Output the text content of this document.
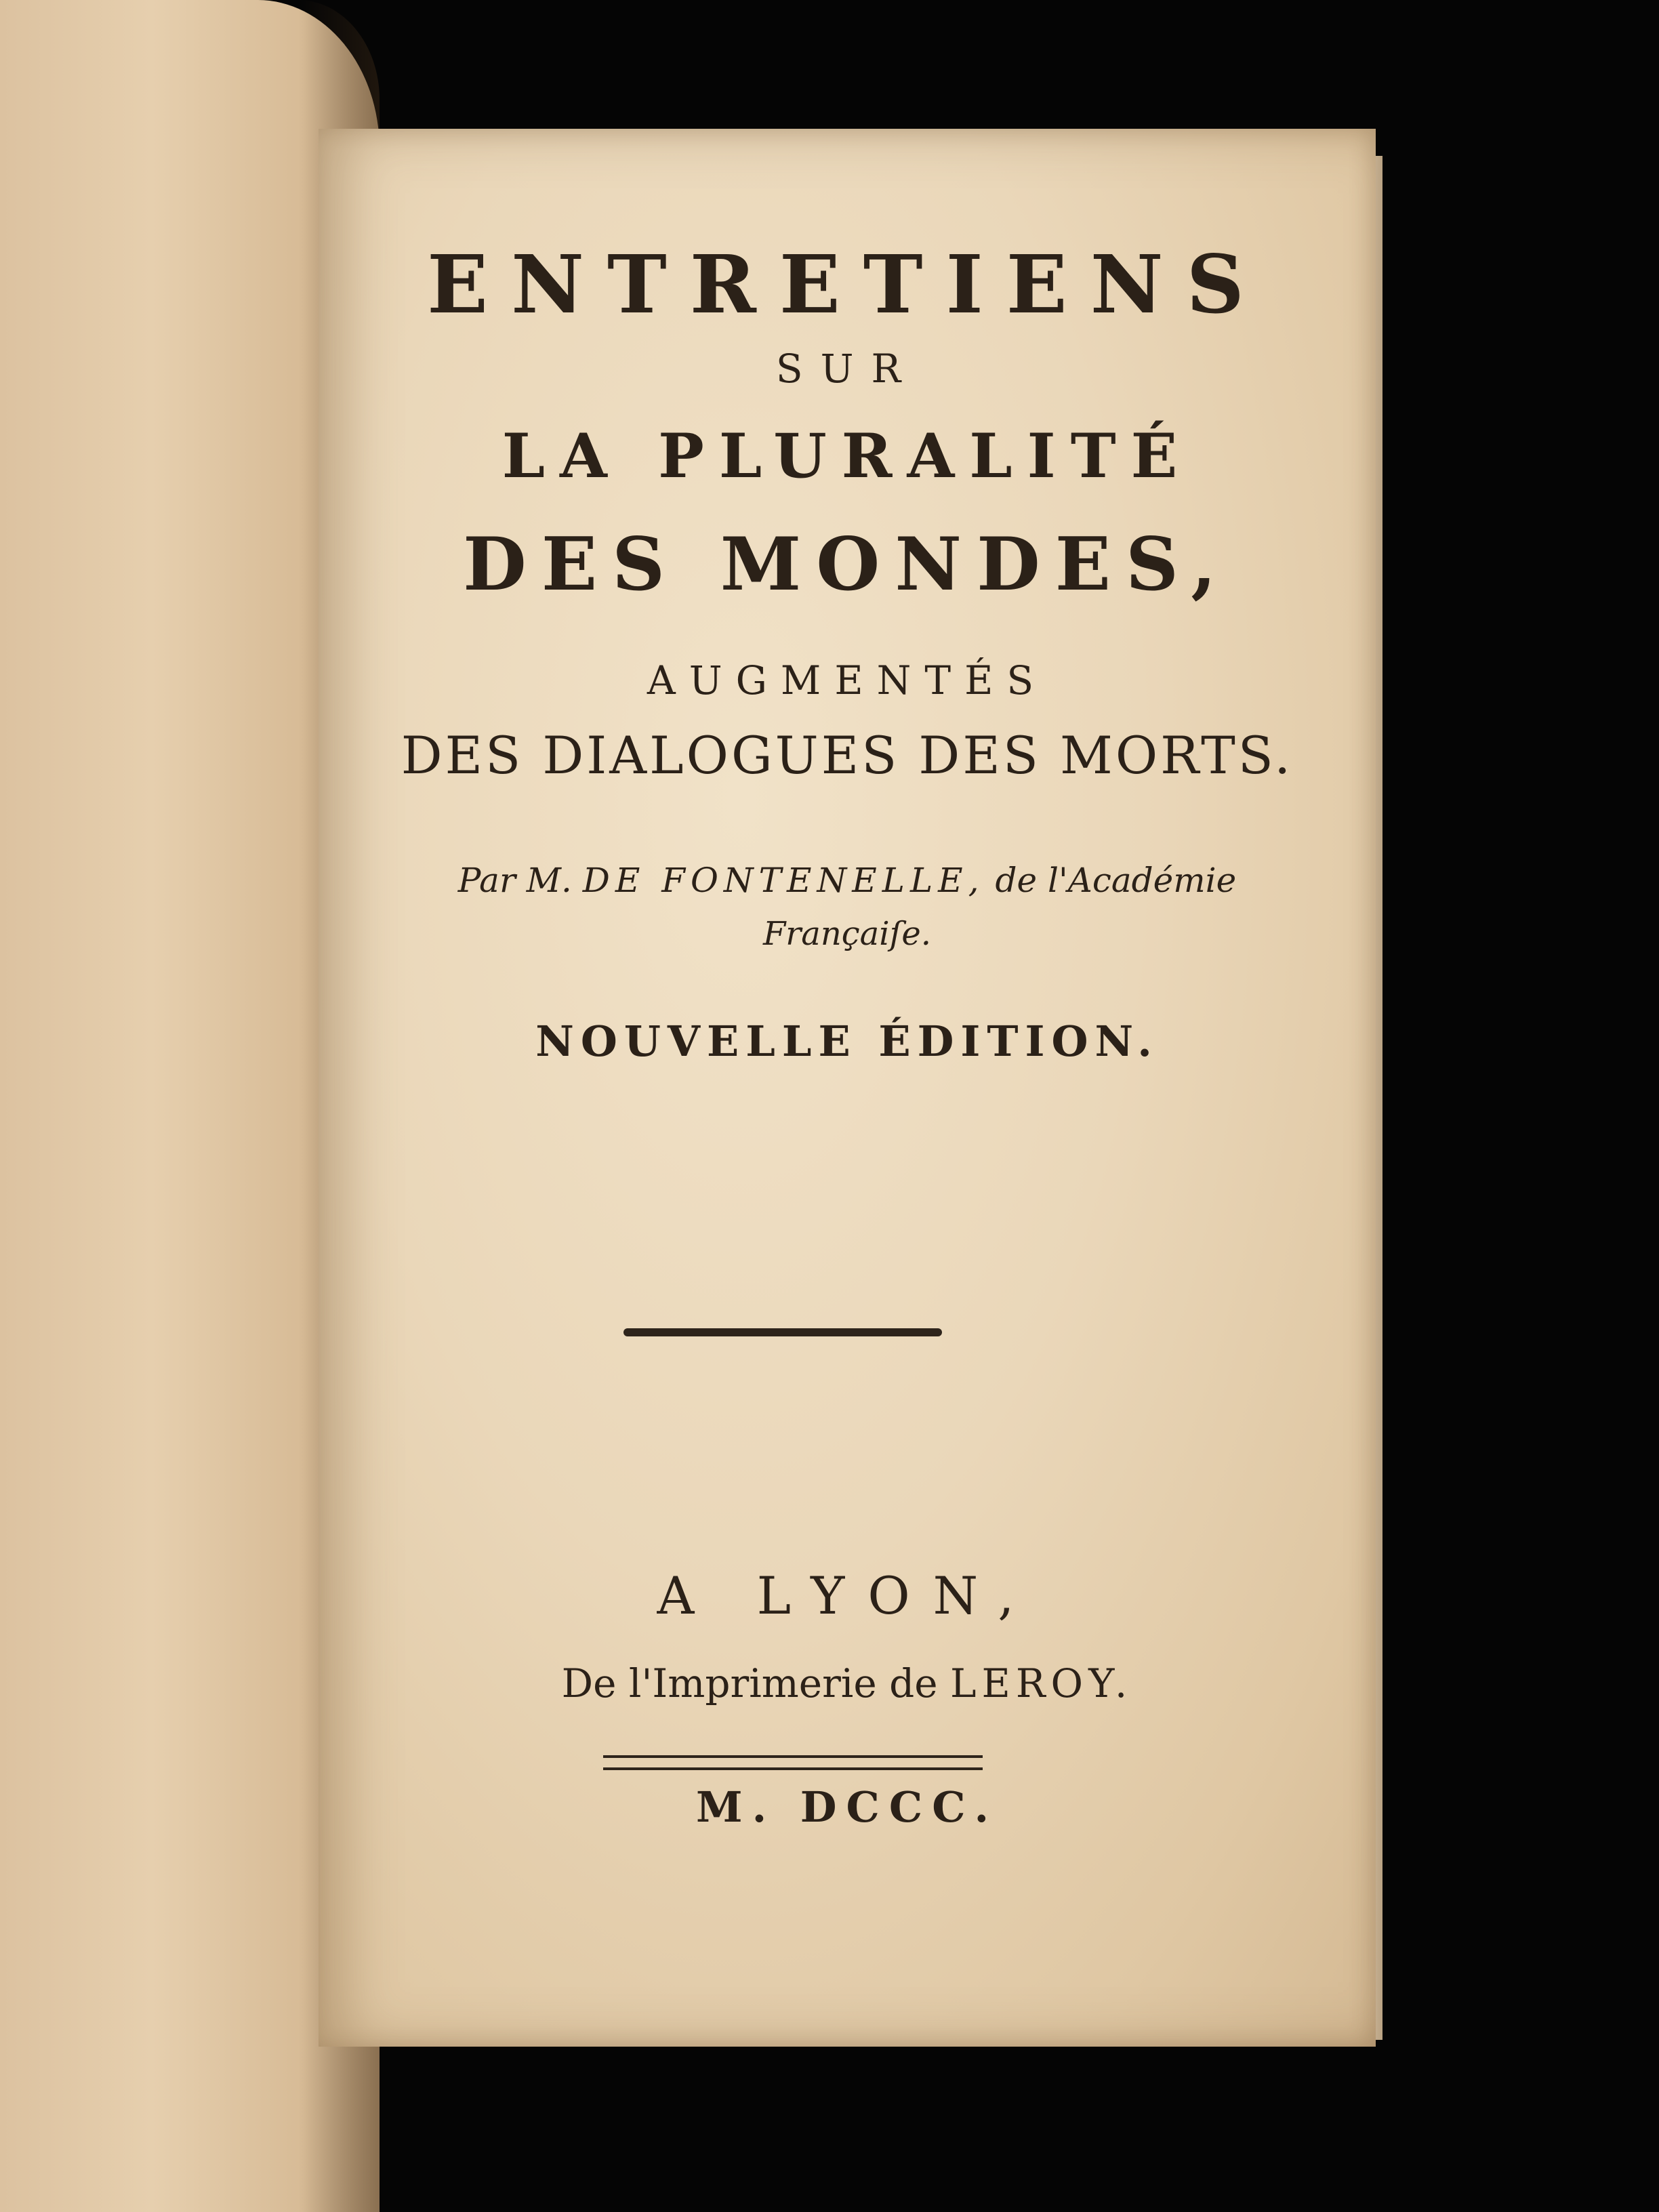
ENTRETIENS
SUR
LA PLURALITÉ
DES MONDES,
AUGMENTÉS
DES DIALOGUES DES MORTS.
Par M. DE FONTENELLE, de l'Académie
Françaiſe.
NOUVELLE ÉDITION.
A LYON,
De l'Imprimerie de LEROY.
M. DCCC.
